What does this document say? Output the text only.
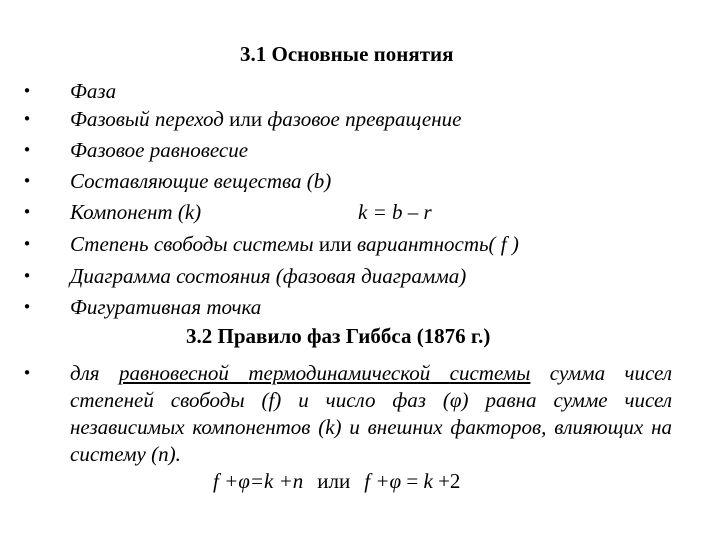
3.1 Основные понятия
• Фаза
• Фазовый переход или фазовое превращение
• Фазовое равновесие
• Составляющие вещества (b)
• Компонент (k)	k = b – r
• Степень свободы системы или вариантность( f )
• Диаграмма состояния (фазовая диаграмма)
• Фигуративная точка
3.2 Правило фаз Гиббса (1876 г.)
• для равновесной термодинамической системы сумма чисел степеней свободы (f) и число фаз (φ) равна сумме чисел независимых компонентов (k) и внешних факторов, влияющих на систему (n).
f +φ=k +n или f +φ = k +2
